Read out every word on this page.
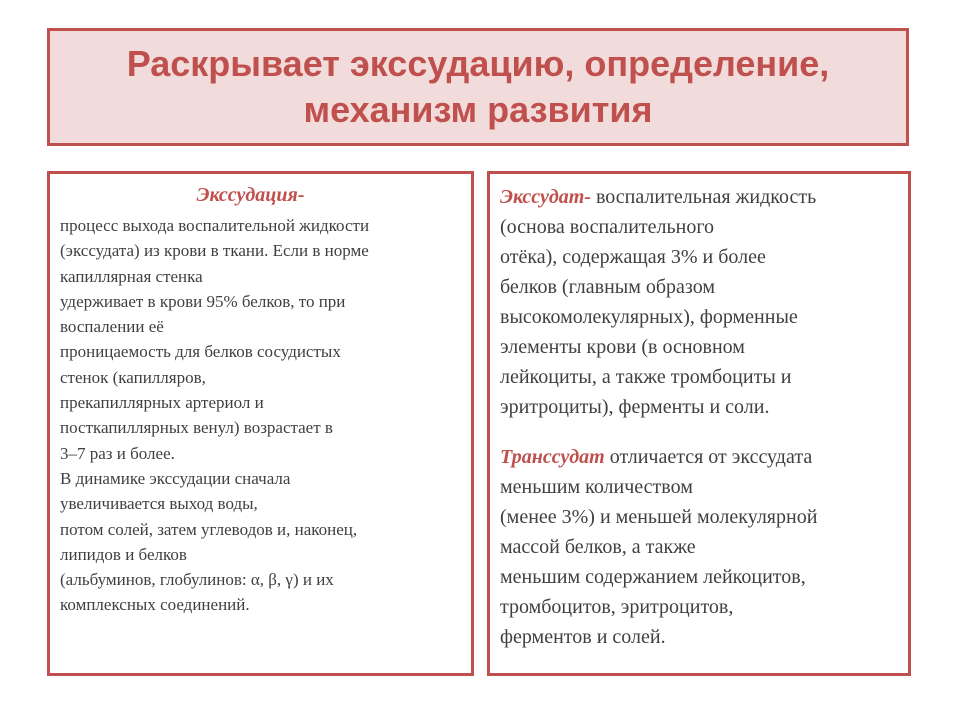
Раскрывает экссудацию, определение,
механизм развития
Экссудация-
процесс выхода воспалительной жидкости
(экссудата) из крови в ткани. Если в норме
капиллярная стенка
удерживает в крови 95% белков, то при
воспалении её
проницаемость для белков сосудистых
стенок (капилляров,
прекапиллярных артериол и
посткапиллярных венул) возрастает в
3–7 раз и более.
В динамике экссудации сначала
увеличивается выход воды,
потом солей, затем углеводов и, наконец,
липидов и белков
(альбуминов, глобулинов: α, β, γ) и их
комплексных соединений.
Экссудат- воспалительная жидкость
(основа воспалительного
отёка), содержащая 3% и более
белков (главным образом
высокомолекулярных), форменные
элементы крови (в основном
лейкоциты, а также тромбоциты и
эритроциты), ферменты и соли.
Транссудат отличается от экссудата
меньшим количеством
(менее 3%) и меньшей молекулярной
массой белков, а также
меньшим содержанием лейкоцитов,
тромбоцитов, эритроцитов,
ферментов и солей.
